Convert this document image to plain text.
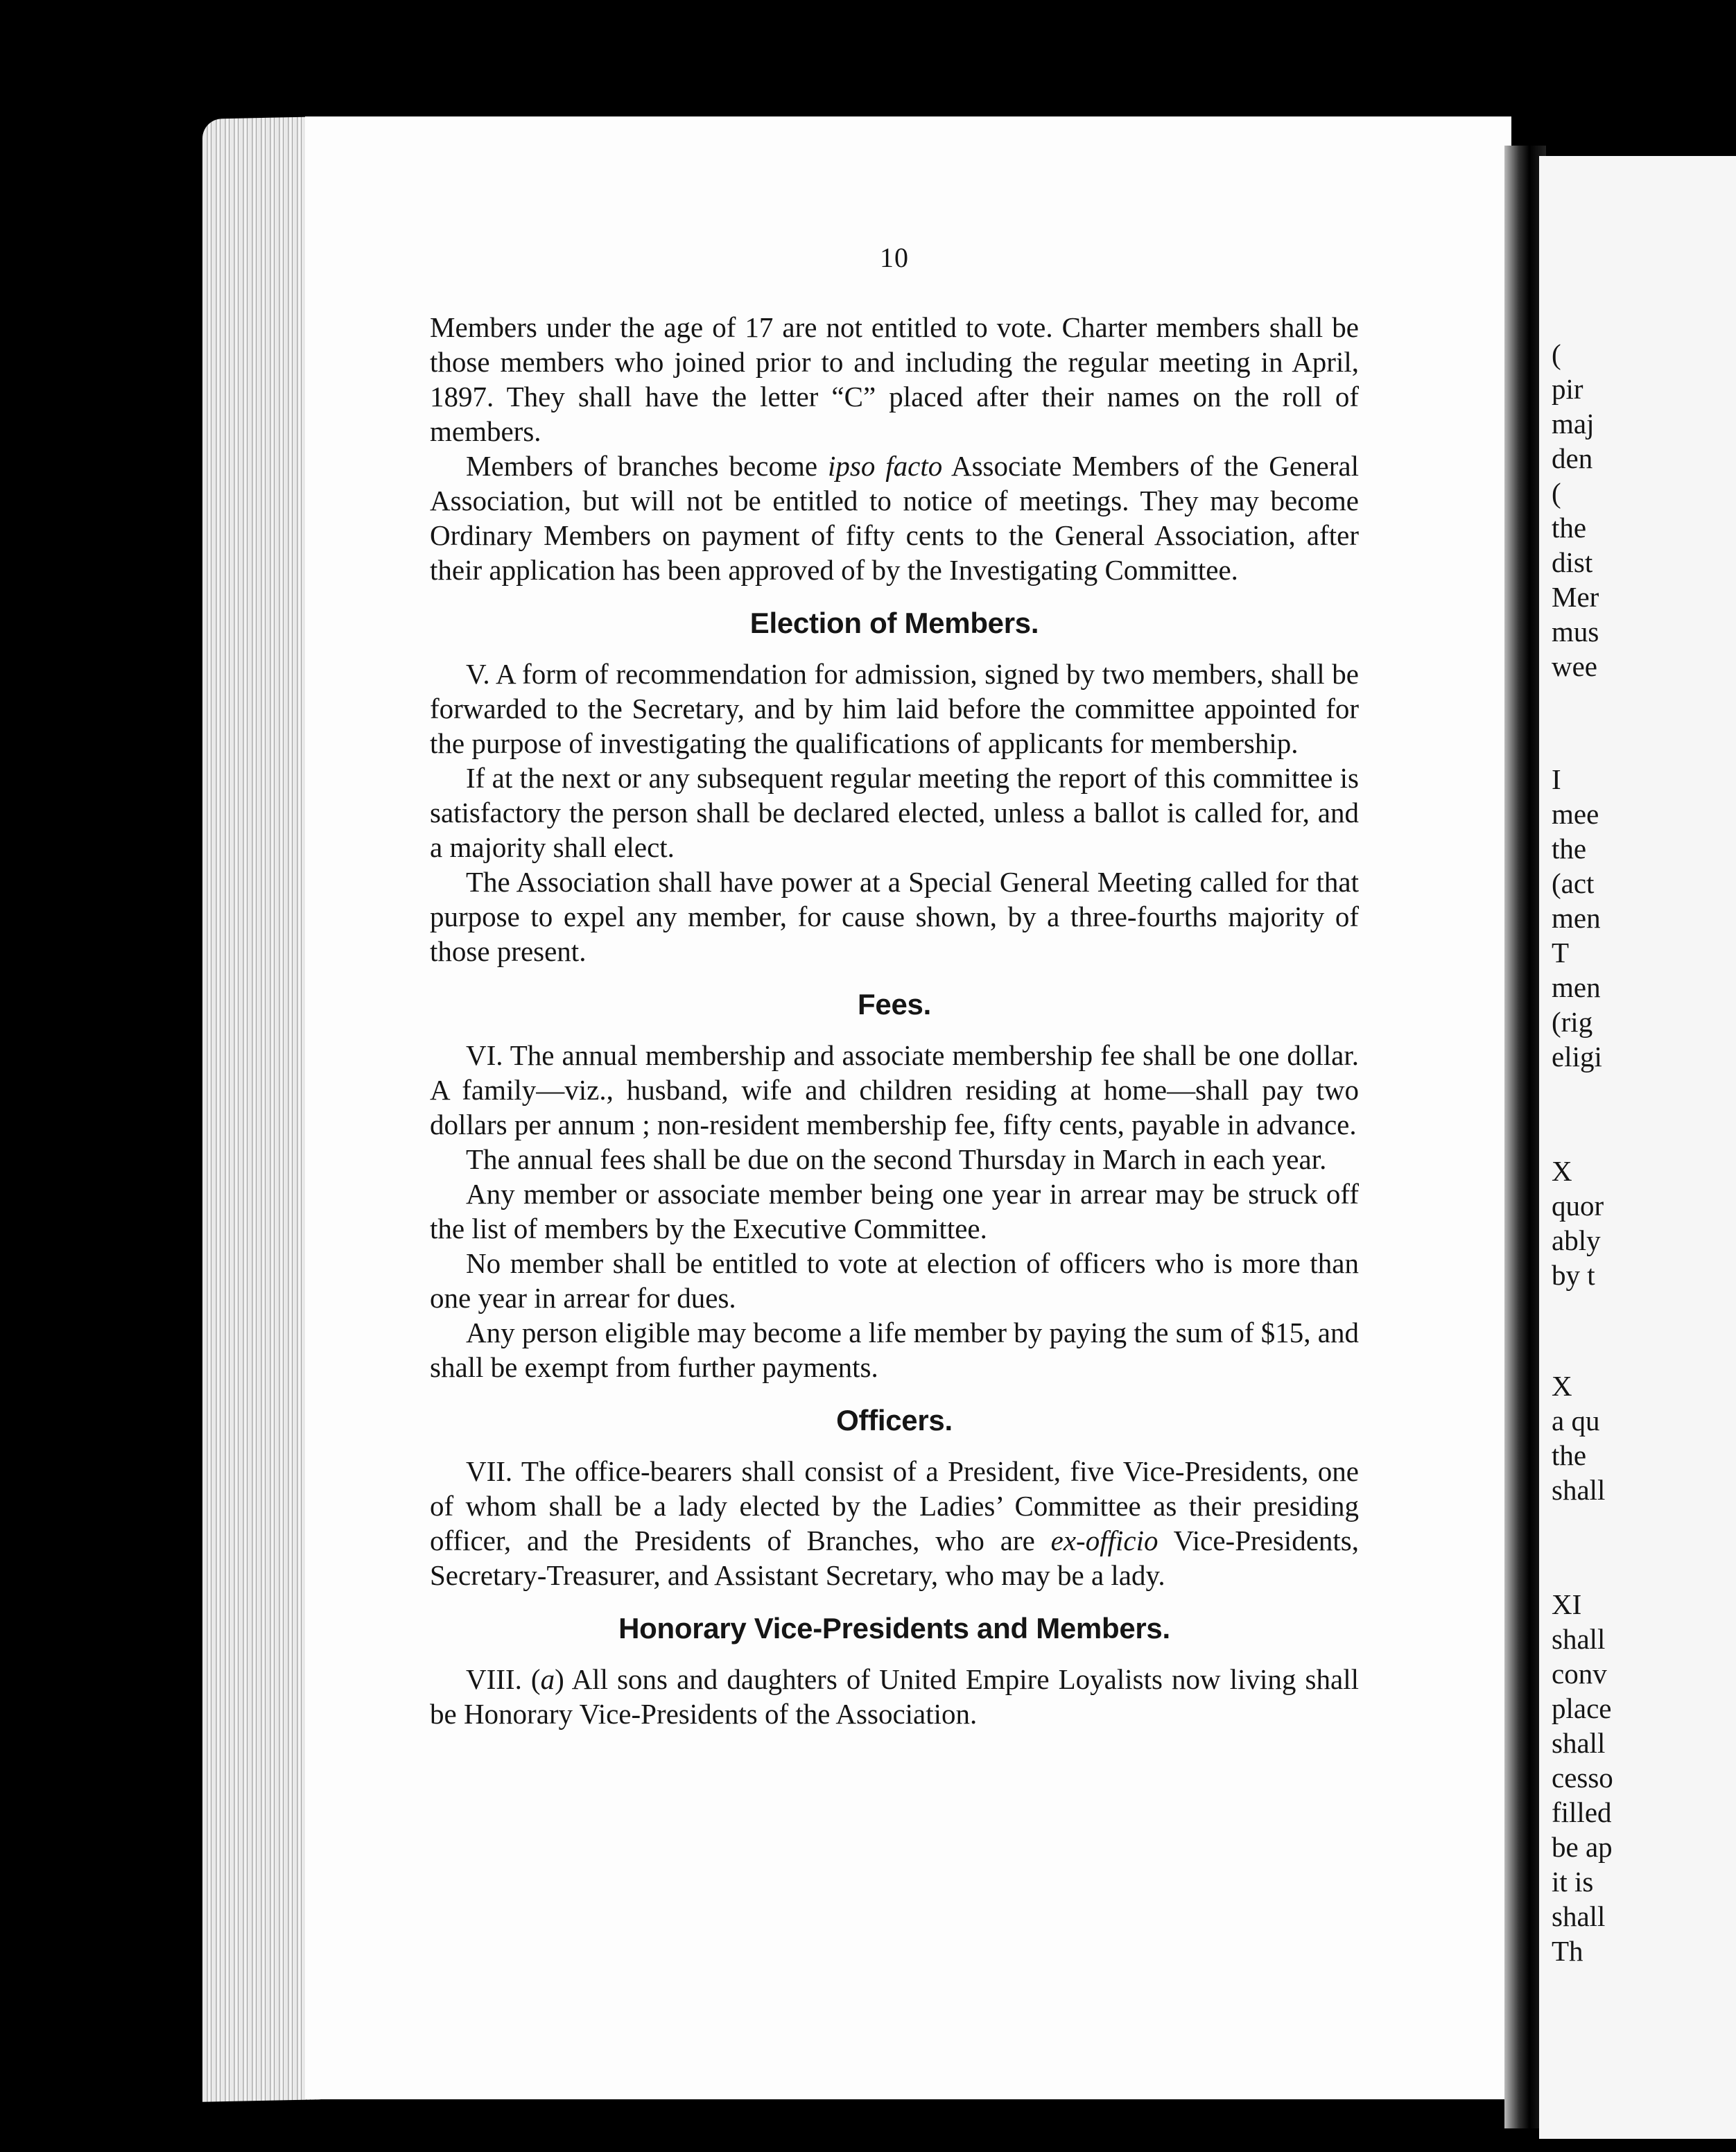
(
pir
maj
den
(
the
dist
Mer
mus
wee
I
mee
the
(act
men
T
men
(rig
eligi
X
quor
ably
by t
X
a qu
the
shall
XI
shall
conv
place
shall
cesso
filled
be ap
it is
shall
Th
10

Members under the age of 17 are not entitled to vote. Charter members shall be those members who joined prior to and including the regular meeting in April, 1897. They shall have the letter “C” placed after their names on the roll of members.

Members of branches become ipso facto Associate Members of the General Association, but will not be entitled to notice of meetings. They may become Ordinary Members on payment of fifty cents to the General Association, after their application has been approved of by the Investigating Committee.

Election of Members.

V. A form of recommendation for admission, signed by two members, shall be forwarded to the Secretary, and by him laid before the committee appointed for the purpose of investigating the qualifications of applicants for membership.

If at the next or any subsequent regular meeting the report of this committee is satisfactory the person shall be declared elected, unless a ballot is called for, and a majority shall elect.

The Association shall have power at a Special General Meeting called for that purpose to expel any member, for cause shown, by a three-fourths majority of those present.

Fees.

VI. The annual membership and associate membership fee shall be one dollar. A family—viz., husband, wife and children residing at home—shall pay two dollars per annum ; non-resident membership fee, fifty cents, payable in advance.

The annual fees shall be due on the second Thursday in March in each year.

Any member or associate member being one year in arrear may be struck off the list of members by the Executive Committee.

No member shall be entitled to vote at election of officers who is more than one year in arrear for dues.

Any person eligible may become a life member by paying the sum of $15, and shall be exempt from further payments.

Officers.

VII. The office-bearers shall consist of a President, five Vice-Presidents, one of whom shall be a lady elected by the Ladies’ Committee as their presiding officer, and the Presidents of Branches, who are ex-officio Vice-Presidents, Secretary-Treasurer, and Assistant Secretary, who may be a lady.

Honorary Vice-Presidents and Members.

VIII. (a) All sons and daughters of United Empire Loyalists now living shall be Honorary Vice-Presidents of the Association.
